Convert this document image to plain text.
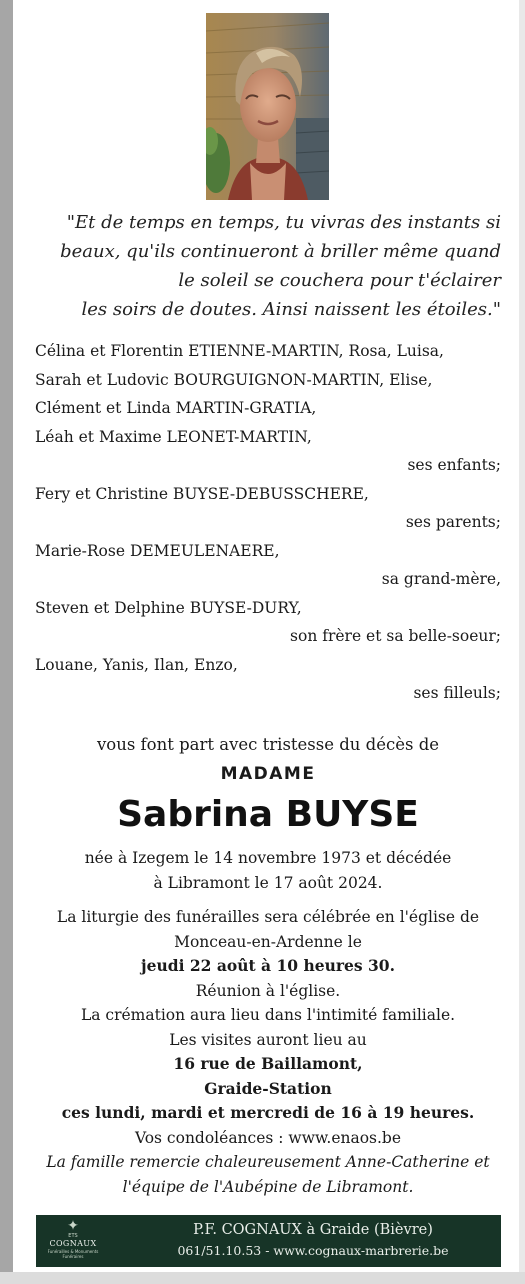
"Et de temps en temps, tu vivras des instants si
beaux, qu'ils continueront à briller même quand
le soleil se couchera pour t'éclairer
les soirs de doutes. Ainsi naissent les étoiles."
Célina et Florentin ETIENNE-MARTIN, Rosa, Luisa,
Sarah et Ludovic BOURGUIGNON-MARTIN, Elise,
Clément et Linda MARTIN-GRATIA,
Léah et Maxime LEONET-MARTIN,
ses enfants;
Fery et Christine BUYSE-DEBUSSCHERE,
ses parents;
Marie-Rose DEMEULENAERE,
sa grand-mère,
Steven et Delphine BUYSE-DURY,
son frère et sa belle-soeur;
Louane, Yanis, Ilan, Enzo,
ses filleuls;
vous font part avec tristesse du décès de
MADAME
Sabrina BUYSE
née à Izegem le 14 novembre 1973 et décédée
à Libramont le 17 août 2024.
La liturgie des funérailles sera célébrée en l'église de
Monceau-en-Ardenne le
jeudi 22 août à 10 heures 30.
Réunion à l'église.
La crémation aura lieu dans l'intimité familiale.
Les visites auront lieu au
16 rue de Baillamont,
Graide-Station
ces lundi, mardi et mercredi de 16 à 19 heures.
Vos condoléances : www.enaos.be
La famille remercie chaleureusement Anne-Catherine et
l'équipe de l'Aubépine de Libramont.
✦
ETS
COGNAUX
Funérailles & Monuments Funéraires
P.F. COGNAUX à Graide (Bièvre)
061/51.10.53 - www.cognaux-marbrerie.be
